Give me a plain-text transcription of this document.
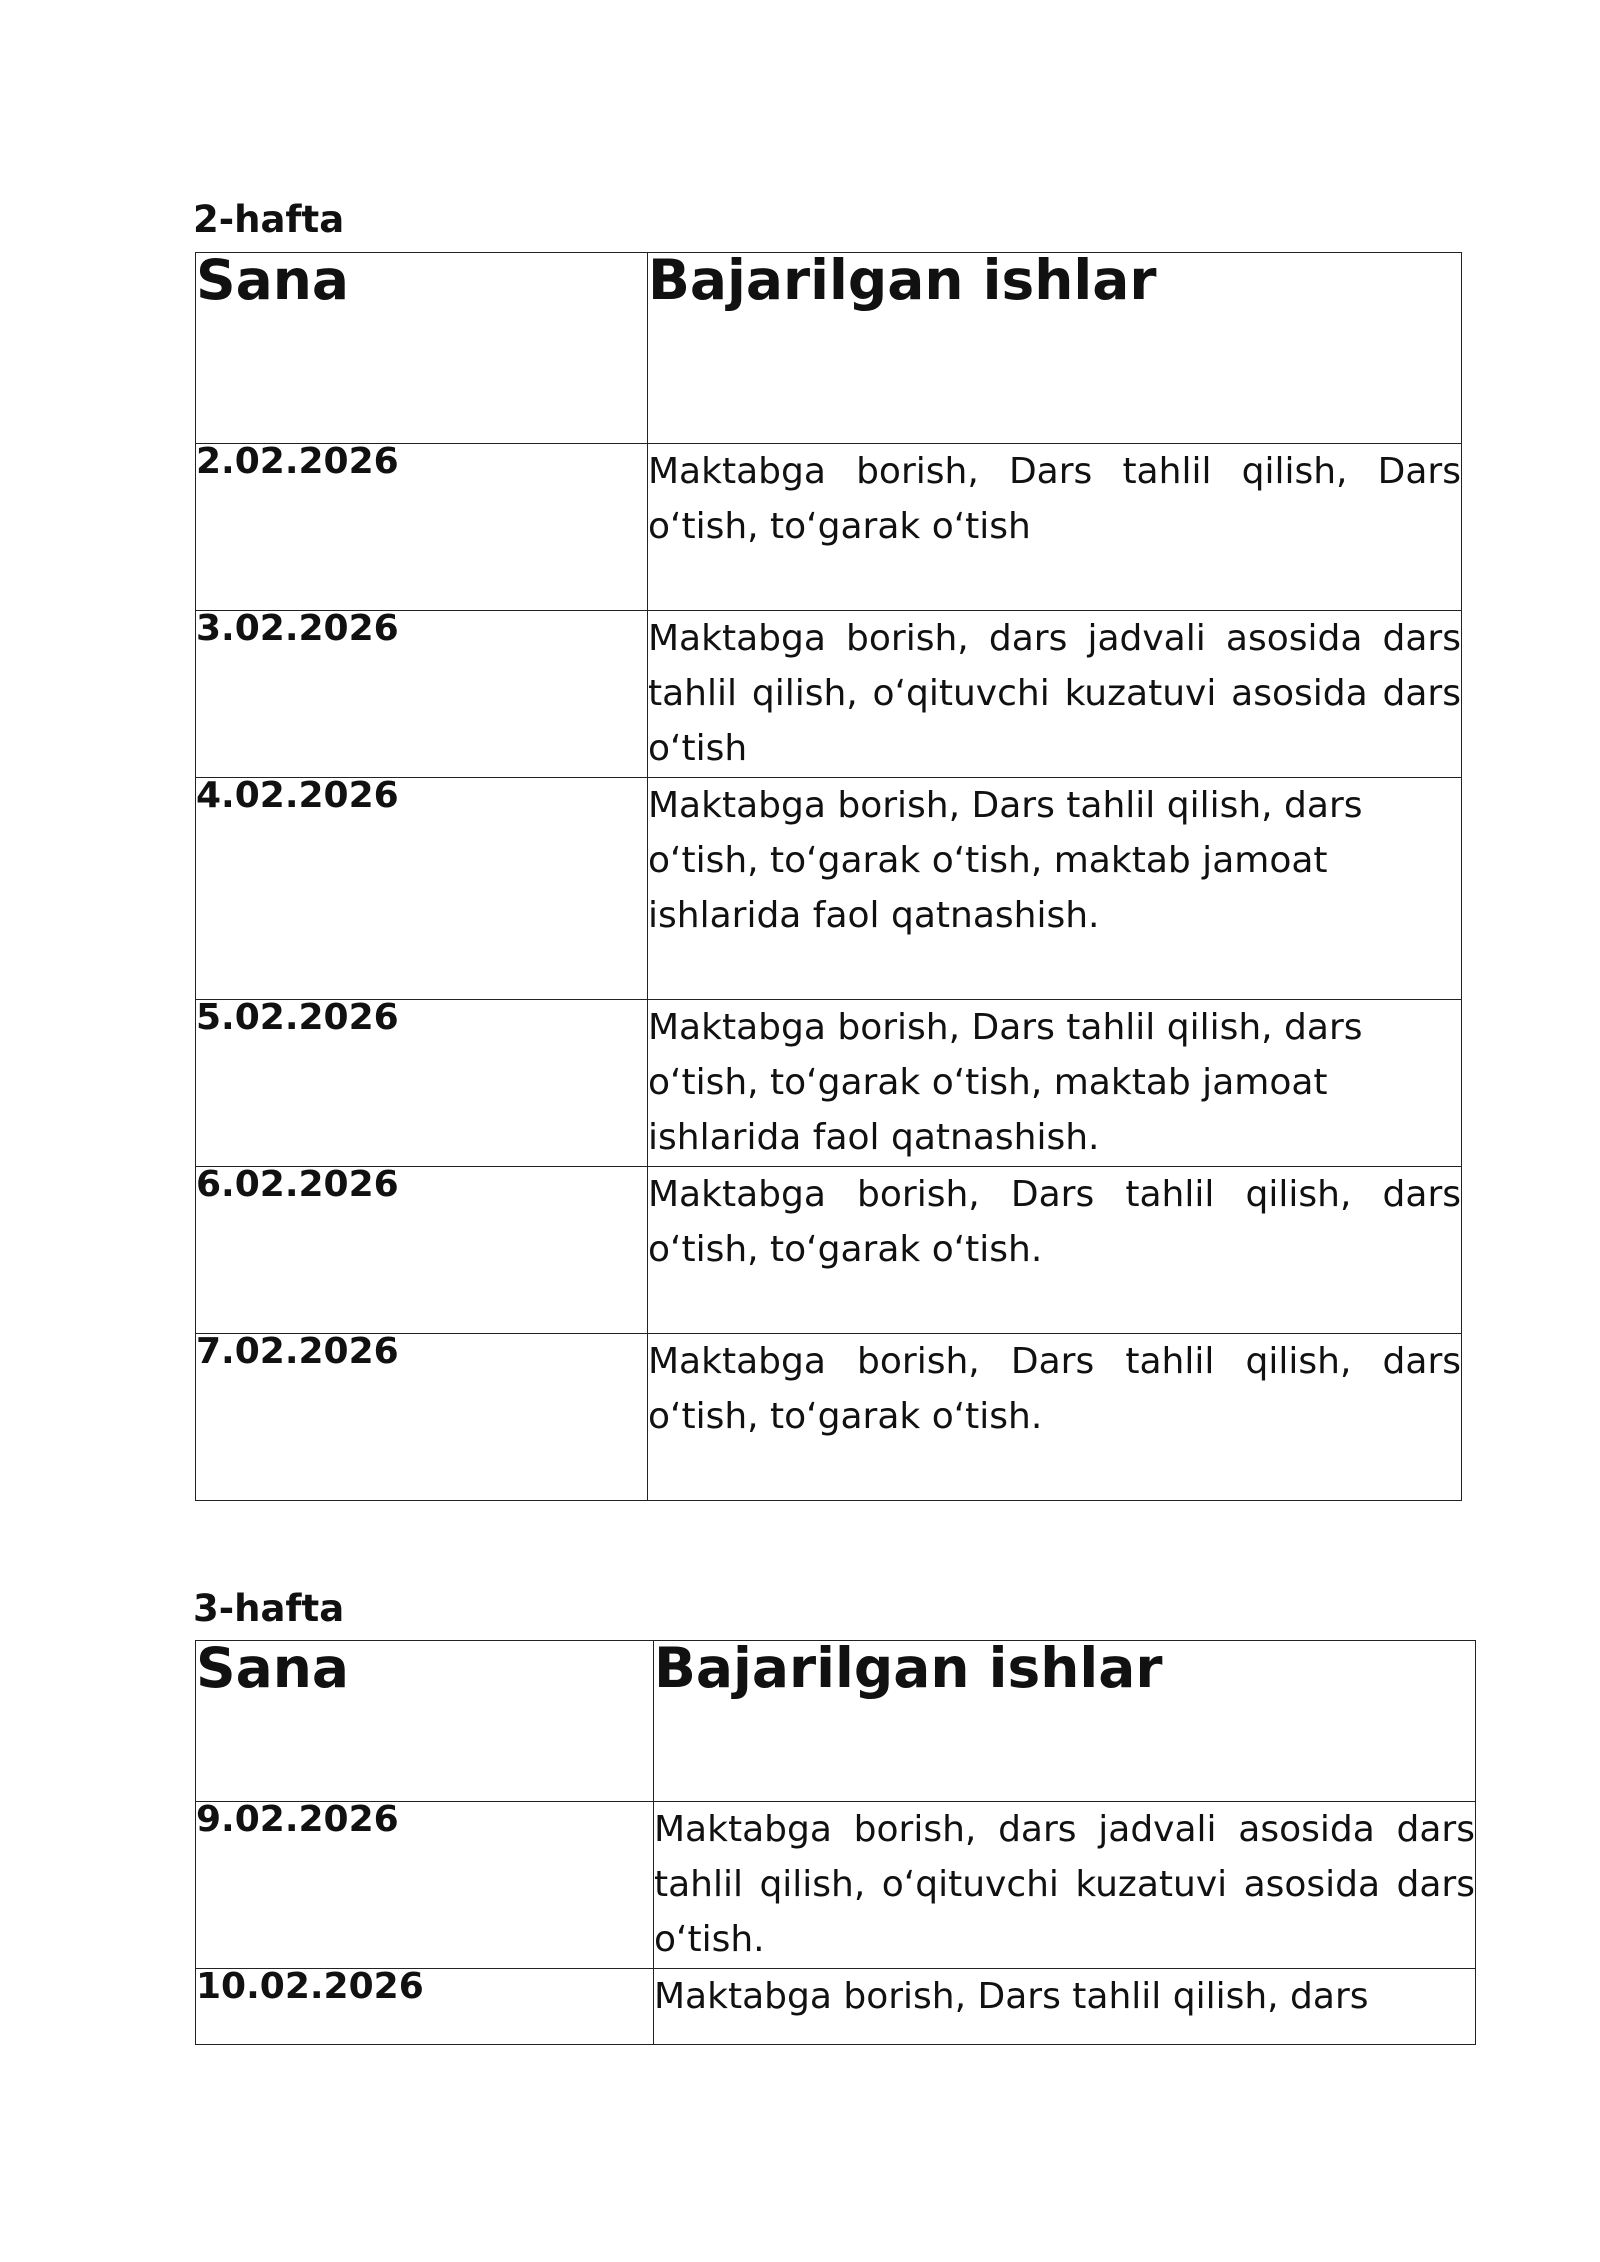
2-hafta
Sana	Bajarilgan ishlar
2.02.2026	Maktabga borish, Dars tahlil qilish, Dars o‘tish, to‘garak o‘tish
3.02.2026	Maktabga borish, dars jadvali asosida dars tahlil qilish, o‘qituvchi kuzatuvi asosida dars o‘tish
4.02.2026	Maktabga borish, Dars tahlil qilish, dars o‘tish, to‘garak o‘tish, maktab jamoat ishlarida faol qatnashish.
5.02.2026	Maktabga borish, Dars tahlil qilish, dars o‘tish, to‘garak o‘tish, maktab jamoat ishlarida faol qatnashish.
6.02.2026	Maktabga borish, Dars tahlil qilish, dars o‘tish, to‘garak o‘tish.
7.02.2026	Maktabga borish, Dars tahlil qilish, dars o‘tish, to‘garak o‘tish.
3-hafta
Sana	Bajarilgan ishlar
9.02.2026	Maktabga borish, dars jadvali asosida dars tahlil qilish, o‘qituvchi kuzatuvi asosida dars o‘tish.
10.02.2026	Maktabga borish, Dars tahlil qilish, dars
